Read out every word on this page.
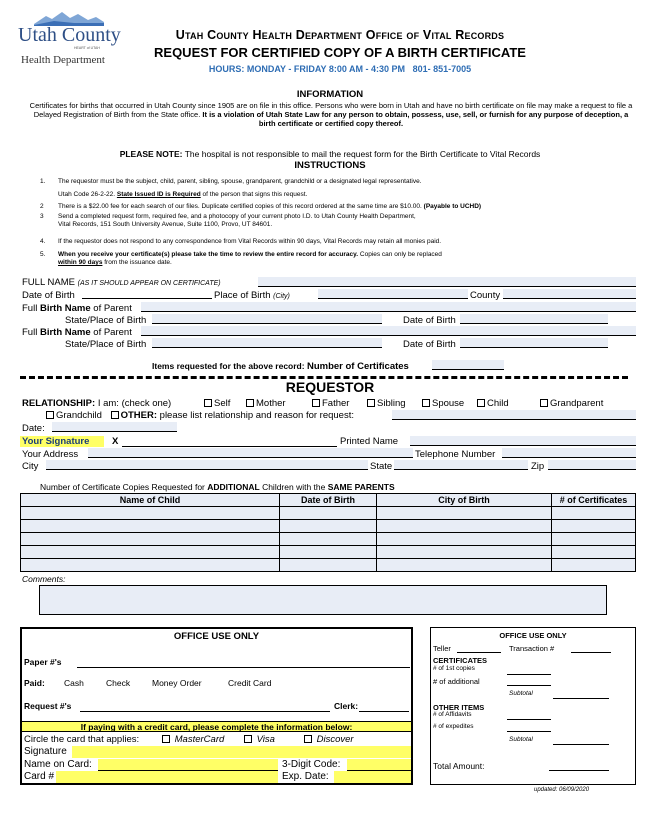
Utah County
HEART of UTAH
Health Department
Utah County Health Department Office of Vital Records
REQUEST FOR CERTIFIED COPY OF A BIRTH CERTIFICATE
HOURS: MONDAY - FRIDAY 8:00 AM - 4:30 PM 801- 851-7005
INFORMATION
Certificates for births that occurred in Utah County since 1905 are on file in this office. Persons who were born in Utah and have no birth certificate on file may make a request to file a Delayed Registration of Birth from the State office. It is a violation of Utah State Law for any person to obtain, possess, use, sell, or furnish for any purpose of deception, a birth certificate or certified copy thereof.
PLEASE NOTE: The hospital is not responsible to mail the request form for the Birth Certificate to Vital Records
INSTRUCTIONS
1. The requestor must be the subject, child, parent, sibling, spouse, grandparent, grandchild or a designated legal representative.
Utah Code 26-2-22. State Issued ID is Required of the person that signs this request.
2 There is a $22.00 fee for each search of our files. Duplicate certified copies of this record ordered at the same time are $10.00. (Payable to UCHD)
3 Send a completed request form, required fee, and a photocopy of your current photo I.D. to Utah County Health Department,
Vital Records, 151 South University Avenue, Suite 1100, Provo, UT 84601.
4. If the requestor does not respond to any correspondence from Vital Records within 90 days, Vital Records may retain all monies paid.
5. When you receive your certificate(s) please take the time to review the entire record for accuracy. Copies can only be replaced
within 90 days from the issuance date.
FULL NAME (AS IT SHOULD APPEAR ON CERTIFICATE)
Date of Birth	Place of Birth (City)	County
Full Birth Name of Parent
State/Place of Birth	Date of Birth
Full Birth Name of Parent
State/Place of Birth	Date of Birth
Items requested for the above record: Number of Certificates
REQUESTOR
RELATIONSHIP: I am: (check one)	Self	Mother	Father	Sibling	Spouse	Child	Grandparent
Grandchild OTHER: please list relationship and reason for request:
Date:
Your Signature	X	Printed Name
Your Address	Telephone Number
City	State	Zip
Number of Certificate Copies Requested for ADDITIONAL Children with the SAME PARENTS
Name of Child	Date of Birth	City of Birth	# of Certificates

Comments:
OFFICE USE ONLY
Paper #'s
Paid: Cash	Check	Money Order	Credit Card
Request #'s	Clerk:
If paying with a credit card, please complete the information below:
Circle the card that applies:	MasterCard	Visa	Discover
Signature
Name on Card:	3-Digit Code:
Card #	Exp. Date:
OFFICE USE ONLY
Teller	Transaction #
CERTIFICATES
# of 1st copies
# of additional
Subtotal
OTHER ITEMS
# of Affidavits
# of expedites
Subtotal
Total Amount:
updated: 06/09/2020
